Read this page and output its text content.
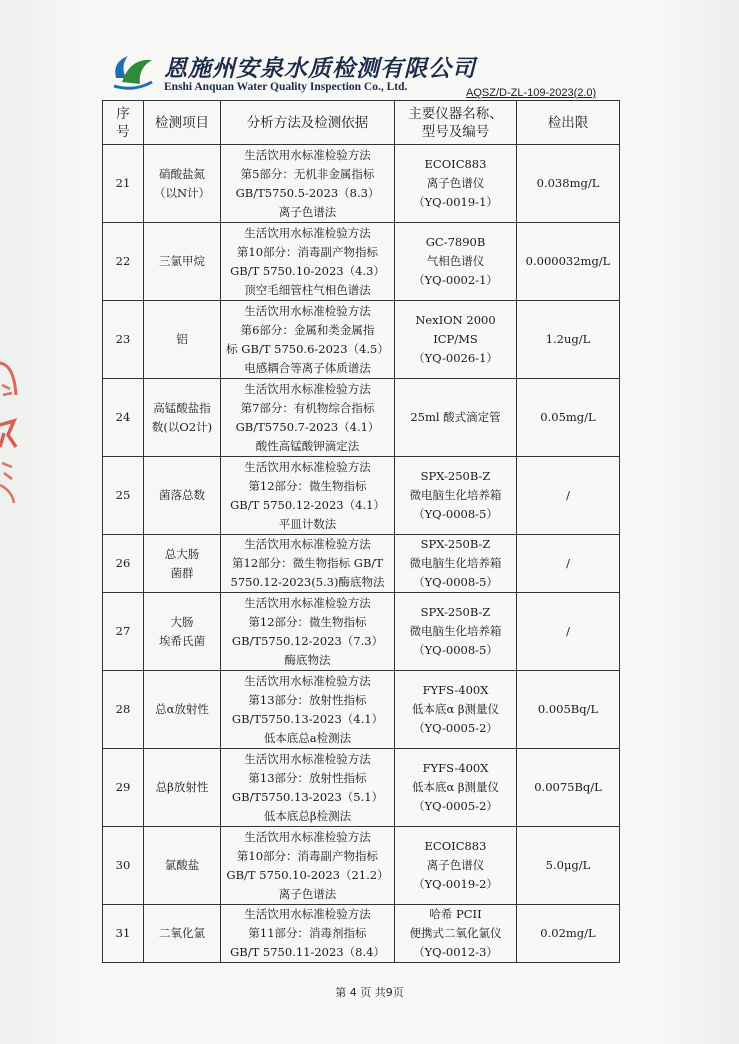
恩施州安泉水质检测有限公司
Enshi Anquan Water Quality Inspection Co., Ltd.	AQSZ/D-ZL-109-2023(2.0)
序
号	检测项目	分析方法及检测依据	主要仪器名称、
型号及编号	检出限
21	硝酸盐氮
（以N计）	生活饮用水标准检验方法
第5部分：无机非金属指标
GB/T5750.5-2023（8.3）
离子色谱法	ECOIC883
离子色谱仪
（YQ-0019-1）	0.038mg/L
22	三氯甲烷	生活饮用水标准检验方法
第10部分：消毒副产物指标
GB/T 5750.10-2023（4.3）
顶空毛细管柱气相色谱法	GC-7890B
气相色谱仪
（YQ-0002-1）	0.000032mg/L
23	铝	生活饮用水标准检验方法
第6部分：金属和类金属指
标 GB/T 5750.6-2023（4.5）
电感耦合等离子体质谱法	NexION 2000
ICP/MS
（YQ-0026-1）	1.2ug/L
24	高锰酸盐指
数(以O2计)	生活饮用水标准检验方法
第7部分：有机物综合指标
GB/T5750.7-2023（4.1）
酸性高锰酸钾滴定法	25ml 酸式滴定管	0.05mg/L
25	菌落总数	生活饮用水标准检验方法
第12部分：微生物指标
GB/T 5750.12-2023（4.1）
平皿计数法	SPX-250B-Z
微电脑生化培养箱
（YQ-0008-5）	/
26	总大肠
菌群	生活饮用水标准检验方法
第12部分：微生物指标 GB/T
5750.12-2023(5.3)酶底物法	SPX-250B-Z
微电脑生化培养箱
（YQ-0008-5）	/
27	大肠
埃希氏菌	生活饮用水标准检验方法
第12部分：微生物指标
GB/T5750.12-2023（7.3）
酶底物法	SPX-250B-Z
微电脑生化培养箱
（YQ-0008-5）	/
28	总α放射性	生活饮用水标准检验方法
第13部分：放射性指标
GB/T5750.13-2023（4.1）
低本底总a检测法	FYFS-400X
低本底α β测量仪
（YQ-0005-2）	0.005Bq/L
29	总β放射性	生活饮用水标准检验方法
第13部分：放射性指标
GB/T5750.13-2023（5.1）
低本底总β检测法	FYFS-400X
低本底α β测量仪
（YQ-0005-2）	0.0075Bq/L
30	氯酸盐	生活饮用水标准检验方法
第10部分：消毒副产物指标
GB/T 5750.10-2023（21.2）
离子色谱法	ECOIC883
离子色谱仪
（YQ-0019-2）	5.0μg/L
31	二氧化氯	生活饮用水标准检验方法
第11部分：消毒剂指标
GB/T 5750.11-2023（8.4）	哈希 PCII
便携式二氧化氯仪
（YQ-0012-3）	0.02mg/L
第 4 页 共9页
